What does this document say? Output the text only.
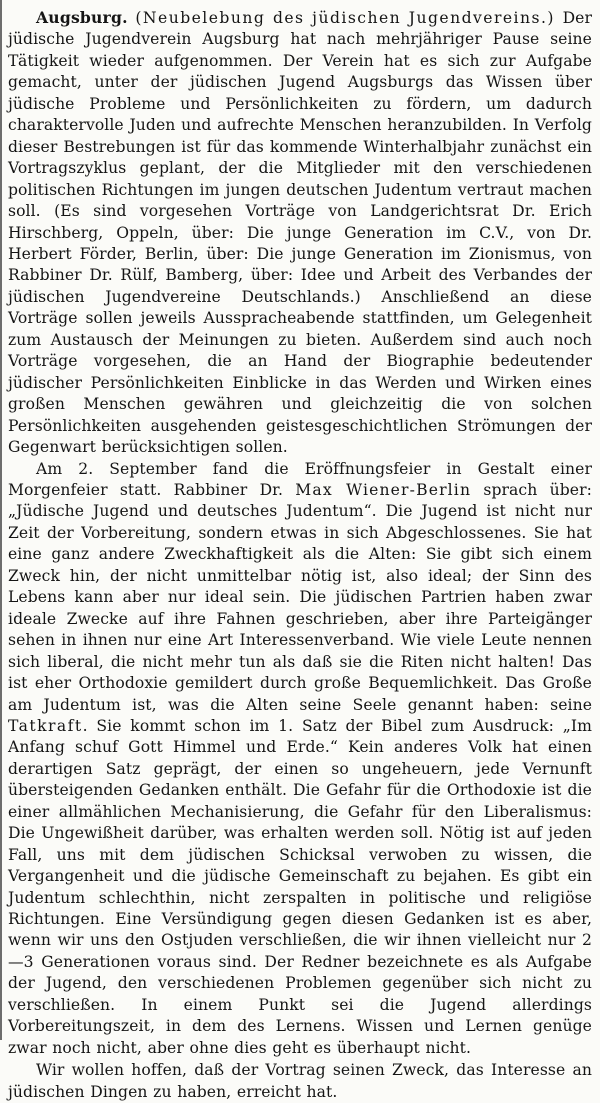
Augsburg. (Neubelebung des jüdischen Jugendvereins.) Der jüdische Jugendverein Augsburg hat nach mehrjähriger Pause seine Tätigkeit wieder aufgenommen. Der Verein hat es sich zur Aufgabe gemacht, unter der jüdischen Jugend Augsburgs das Wissen über jüdische Probleme und Persönlichkeiten zu fördern, um dadurch charaktervolle Juden und aufrechte Menschen heranzubilden. In Verfolg dieser Bestrebungen ist für das kommende Winterhalbjahr zunächst ein Vortragszyklus geplant, der die Mitglieder mit den verschiedenen politischen Richtungen im jungen deutschen Judentum vertraut machen soll. (Es sind vorgesehen Vorträge von Landgerichtsrat Dr. Erich Hirschberg, Oppeln, über: Die junge Generation im C.V., von Dr. Herbert Förder, Berlin, über: Die junge Generation im Zionismus, von Rabbiner Dr. Rülf, Bamberg, über: Idee und Arbeit des Verbandes der jüdischen Jugendvereine Deutschlands.) Anschließend an diese Vorträge sollen jeweils Ausspracheabende stattfinden, um Gelegenheit zum Austausch der Meinungen zu bieten. Außerdem sind auch noch Vorträge vorgesehen, die an Hand der Biographie bedeutender jüdischer Persönlichkeiten Einblicke in das Werden und Wirken eines großen Menschen gewähren und gleichzeitig die von solchen Persönlichkeiten ausgehenden geistesgeschichtlichen Strömungen der Gegenwart berücksichtigen sollen.

Am 2. September fand die Eröffnungsfeier in Gestalt einer Morgenfeier statt. Rabbiner Dr. Max Wiener-Berlin sprach über: „Jüdische Jugend und deutsches Judentum“. Die Jugend ist nicht nur Zeit der Vorbereitung, sondern etwas in sich Abgeschlossenes. Sie hat eine ganz andere Zweckhaftigkeit als die Alten: Sie gibt sich einem Zweck hin, der nicht unmittelbar nötig ist, also ideal; der Sinn des Lebens kann aber nur ideal sein. Die jüdischen Partrien haben zwar ideale Zwecke auf ihre Fahnen geschrieben, aber ihre Parteigänger sehen in ihnen nur eine Art Interessenverband. Wie viele Leute nennen sich liberal, die nicht mehr tun als daß sie die Riten nicht halten! Das ist eher Orthodoxie gemildert durch große Bequemlichkeit. Das Große am Judentum ist, was die Alten seine Seele genannt haben: seine Tatkraft. Sie kommt schon im 1. Satz der Bibel zum Ausdruck: „Im Anfang schuf Gott Himmel und Erde.“ Kein anderes Volk hat einen derartigen Satz geprägt, der einen so ungeheuern, jede Vernunft übersteigenden Gedanken enthält. Die Gefahr für die Orthodoxie ist die einer allmählichen Mechanisierung, die Gefahr für den Liberalismus: Die Ungewißheit darüber, was erhalten werden soll. Nötig ist auf jeden Fall, uns mit dem jüdischen Schicksal verwoben zu wissen, die Vergangenheit und die jüdische Gemeinschaft zu bejahen. Es gibt ein Judentum schlechthin, nicht zerspalten in politische und religiöse Richtungen. Eine Versündigung gegen diesen Gedanken ist es aber, wenn wir uns den Ostjuden verschließen, die wir ihnen vielleicht nur 2—3 Generationen voraus sind. Der Redner bezeichnete es als Aufgabe der Jugend, den verschiedenen Problemen gegenüber sich nicht zu verschließen. In einem Punkt sei die Jugend allerdings Vorbereitungszeit, in dem des Lernens. Wissen und Lernen genüge zwar noch nicht, aber ohne dies geht es überhaupt nicht.

Wir wollen hoffen, daß der Vortrag seinen Zweck, das Interesse an jüdischen Dingen zu haben, erreicht hat.
